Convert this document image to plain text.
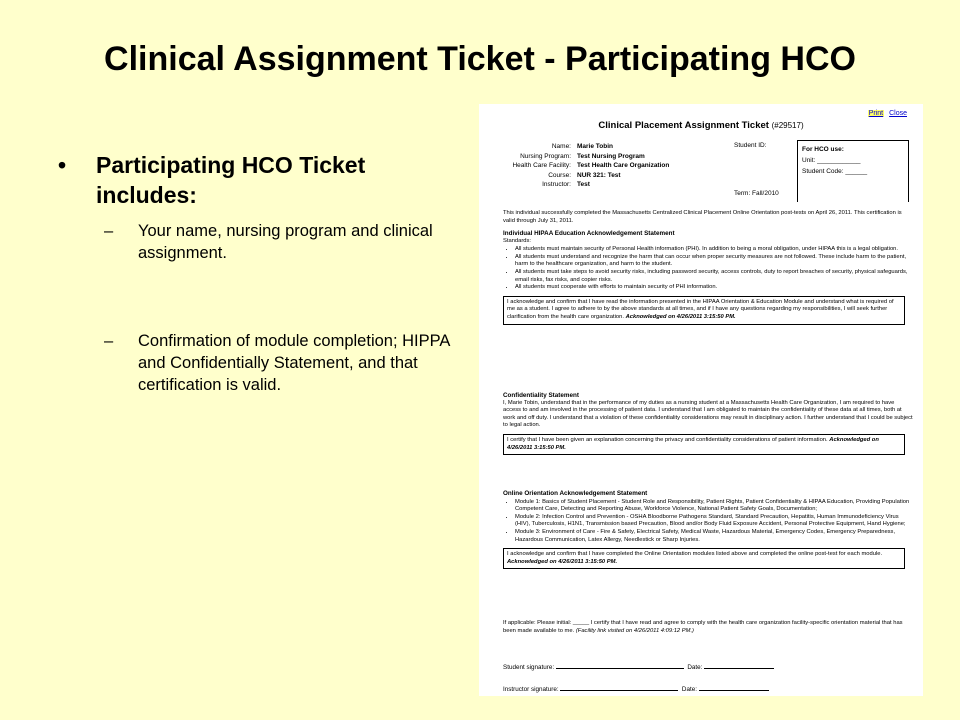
Clinical Assignment Ticket - Participating HCO
• Participating HCO Ticket includes:
– Your name, nursing program and clinical assignment.
– Confirmation of module completion; HIPPA and Confidentially Statement, and that certification is valid.
Print Close
Clinical Placement Assignment Ticket (#29517)
Name: Marie Tobin
Nursing Program: Test Nursing Program
Health Care Facility: Test Health Care Organization
Course: NUR 321: Test
Instructor: Test
Student ID:
Term: Fall/2010
For HCO use:
Unit: ____________
Student Code: ______
This individual successfully completed the Massachusetts Centralized Clinical Placement Online Orientation post-tests on April 26, 2011. This certification is valid through July 31, 2011.
Individual HIPAA Education Acknowledgement Statement
Standards:
• All students must maintain security of Personal Health information (PHI). In addition to being a moral obligation, under HIPAA this is a legal obligation.
• All students must understand and recognize the harm that can occur when proper security measures are not followed. These include harm to the patient, harm to the healthcare organization, and harm to the student.
• All students must take steps to avoid security risks, including password security, access controls, duty to report breaches of security, physical safeguards, email risks, fax risks, and copier risks.
• All students must cooperate with efforts to maintain security of PHI information.
I acknowledge and confirm that I have read the information presented in the HIPAA Orientation & Education Module and understand what is required of me as a student. I agree to adhere to by the above standards at all times, and if I have any questions regarding my responsibilities, I will seek further clarification from the health care organization. Acknowledged on 4/26/2011 3:15:50 PM.
Confidentiality Statement
I, Marie Tobin, understand that in the performance of my duties as a nursing student at a Massachusetts Health Care Organization, I am required to have access to and am involved in the processing of patient data. I understand that I am obligated to maintain the confidentiality of these data at all times, both at work and off duty. I understand that a violation of these confidentiality considerations may result in disciplinary action. I further understand that I could be subject to legal action.
I certify that I have been given an explanation concerning the privacy and confidentiality considerations of patient information. Acknowledged on 4/26/2011 3:15:50 PM.
Online Orientation Acknowledgement Statement
• Module 1: Basics of Student Placement - Student Role and Responsibility, Patient Rights, Patient Confidentiality & HIPAA Education, Providing Population Competent Care, Detecting and Reporting Abuse, Workforce Violence, National Patient Safety Goals, Documentation;
• Module 2: Infection Control and Prevention - OSHA Bloodborne Pathogens Standard, Standard Precaution, Hepatitis, Human Immunodeficiency Virus (HIV), Tuberculosis, H1N1, Transmission based Precaution, Blood and/or Body Fluid Exposure Accident, Personal Protective Equipment, Hand Hygiene;
• Module 3: Environment of Care - Fire & Safety, Electrical Safety, Medical Waste, Hazardous Material, Emergency Codes, Emergency Preparedness, Hazardous Communication, Latex Allergy, Needlestick or Sharp Injuries.
I acknowledge and confirm that I have completed the Online Orientation modules listed above and completed the online post-test for each module. Acknowledged on 4/26/2011 3:15:50 PM.
If applicable: Please initial: _____ I certify that I have read and agree to comply with the health care organization facility-specific orientation material that has been made available to me. (Facility link visited on 4/26/2011 4:09:12 PM.)
Student signature:	Date:
Instructor signature:	Date:
